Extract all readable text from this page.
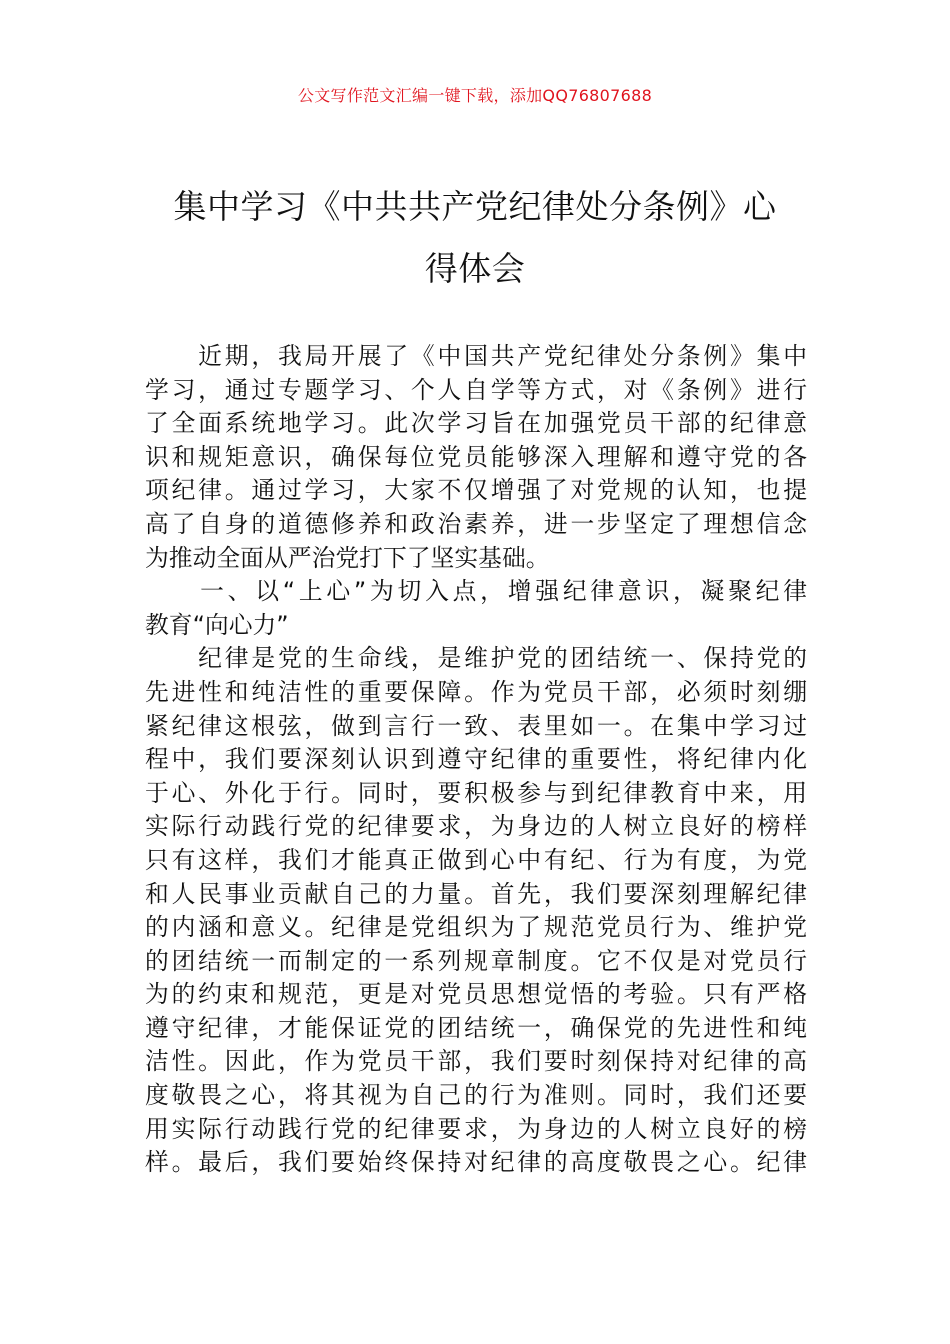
公文写作范文汇编一键下载，添加QQ76807688
集中学习《中共共产党纪律处分条例》心
得体会
　　近期，我局开展了《中国共产党纪律处分条例》集中
学习，通过专题学习、个人自学等方式，对《条例》进行
了全面系统地学习。此次学习旨在加强党员干部的纪律意
识和规矩意识，确保每位党员能够深入理解和遵守党的各
项纪律。通过学习，大家不仅增强了对党规的认知，也提
高了自身的道德修养和政治素养，进一步坚定了理想信念
为推动全面从严治党打下了坚实基础。
　　一、以“上心”为切入点，增强纪律意识，凝聚纪律
教育“向心力”
　　纪律是党的生命线，是维护党的团结统一、保持党的
先进性和纯洁性的重要保障。作为党员干部，必须时刻绷
紧纪律这根弦，做到言行一致、表里如一。在集中学习过
程中，我们要深刻认识到遵守纪律的重要性，将纪律内化
于心、外化于行。同时，要积极参与到纪律教育中来，用
实际行动践行党的纪律要求，为身边的人树立良好的榜样
只有这样，我们才能真正做到心中有纪、行为有度，为党
和人民事业贡献自己的力量。首先，我们要深刻理解纪律
的内涵和意义。纪律是党组织为了规范党员行为、维护党
的团结统一而制定的一系列规章制度。它不仅是对党员行
为的约束和规范，更是对党员思想觉悟的考验。只有严格
遵守纪律，才能保证党的团结统一，确保党的先进性和纯
洁性。因此，作为党员干部，我们要时刻保持对纪律的高
度敬畏之心，将其视为自己的行为准则。同时，我们还要
用实际行动践行党的纪律要求，为身边的人树立良好的榜
样。最后，我们要始终保持对纪律的高度敬畏之心。纪律
